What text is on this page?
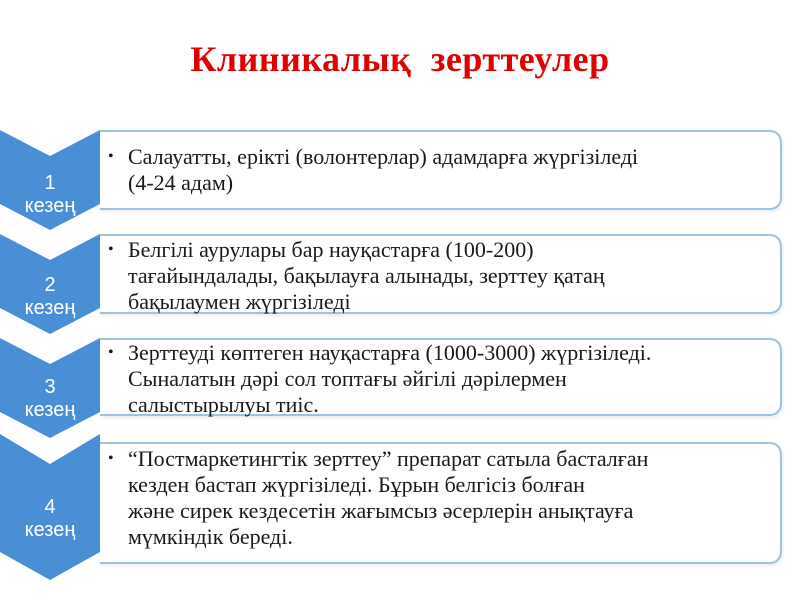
Клиникалық зерттеулер
• Салауатты, ерікті (волонтерлар) адамдарға жүргізіледі
(4-24 адам)
1
кезең
• Белгілі аурулары бар науқастарға (100-200)
тағайындалады, бақылауға алынады, зерттеу қатаң
бақылаумен жүргізіледі
2
кезең
• Зерттеуді көптеген науқастарға (1000-3000) жүргізіледі.
Сыналатын дәрі сол топтағы әйгілі дәрілермен
салыстырылуы тиіс.
3
кезең
• “Постмаркетингтік зерттеу” препарат сатыла басталған
кезден бастап жүргізіледі. Бұрын белгісіз болған
және сирек кездесетін жағымсыз әсерлерін анықтауға
мүмкіндік береді.
4
кезең
